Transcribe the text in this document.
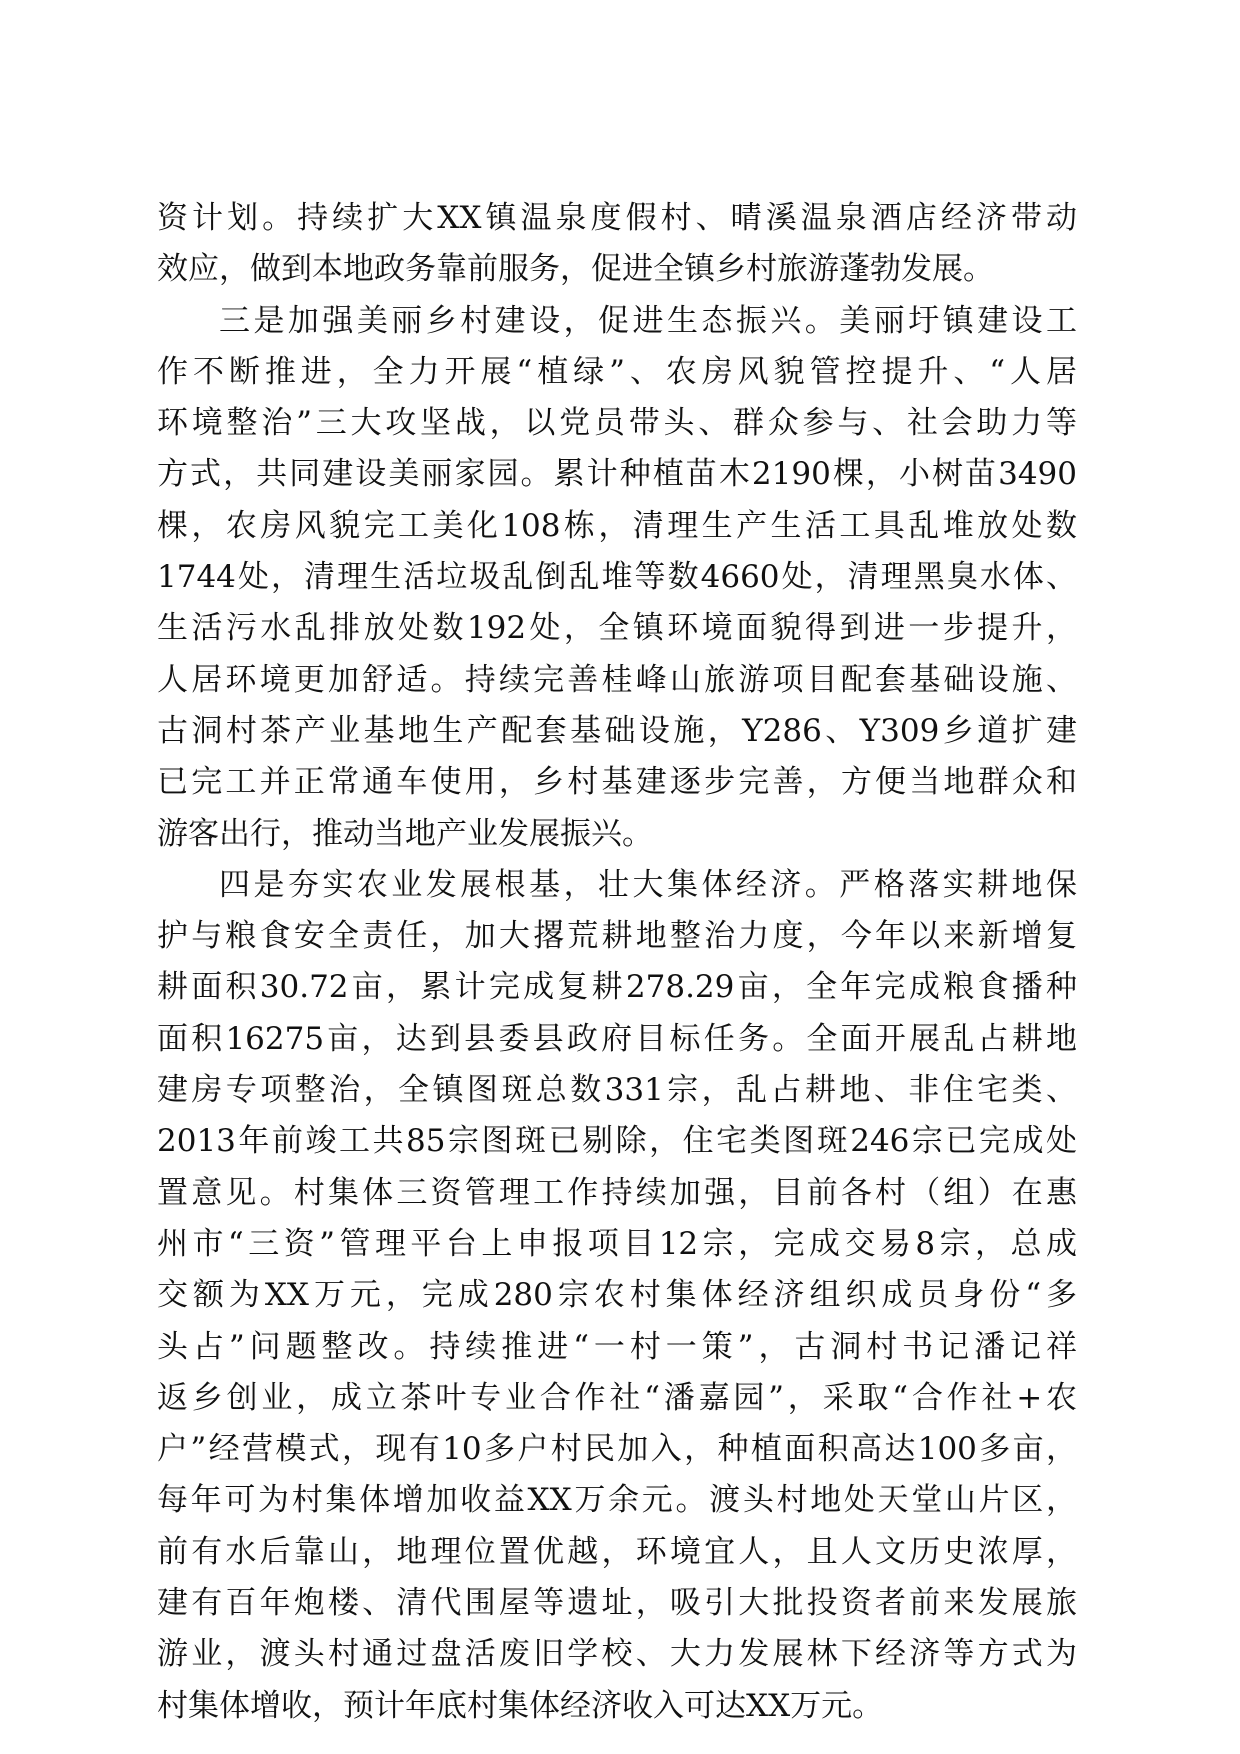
资计划。持续扩大XX镇温泉度假村、晴溪温泉酒店经济带动
效应，做到本地政务靠前服务，促进全镇乡村旅游蓬勃发展。
三是加强美丽乡村建设，促进生态振兴。美丽圩镇建设工
作不断推进，全力开展“植绿”、农房风貌管控提升、“人居
环境整治”三大攻坚战，以党员带头、群众参与、社会助力等
方式，共同建设美丽家园。累计种植苗木2190棵，小树苗3490
棵，农房风貌完工美化108栋，清理生产生活工具乱堆放处数
1744处，清理生活垃圾乱倒乱堆等数4660处，清理黑臭水体、
生活污水乱排放处数192处，全镇环境面貌得到进一步提升，
人居环境更加舒适。持续完善桂峰山旅游项目配套基础设施、
古洞村茶产业基地生产配套基础设施，Y286、Y309乡道扩建
已完工并正常通车使用，乡村基建逐步完善，方便当地群众和
游客出行，推动当地产业发展振兴。
四是夯实农业发展根基，壮大集体经济。严格落实耕地保
护与粮食安全责任，加大撂荒耕地整治力度，今年以来新增复
耕面积30.72亩，累计完成复耕278.29亩，全年完成粮食播种
面积16275亩，达到县委县政府目标任务。全面开展乱占耕地
建房专项整治，全镇图斑总数331宗，乱占耕地、非住宅类、
2013年前竣工共85宗图斑已剔除，住宅类图斑246宗已完成处
置意见。村集体三资管理工作持续加强，目前各村（组）在惠
州市“三资”管理平台上申报项目12宗，完成交易8宗，总成
交额为XX万元，完成280宗农村集体经济组织成员身份“多
头占”问题整改。持续推进“一村一策”，古洞村书记潘记祥
返乡创业，成立茶叶专业合作社“潘嘉园”，采取“合作社+农
户”经营模式，现有10多户村民加入，种植面积高达100多亩，
每年可为村集体增加收益XX万余元。渡头村地处天堂山片区，
前有水后靠山，地理位置优越，环境宜人，且人文历史浓厚，
建有百年炮楼、清代围屋等遗址，吸引大批投资者前来发展旅
游业，渡头村通过盘活废旧学校、大力发展林下经济等方式为
村集体增收，预计年底村集体经济收入可达XX万元。
